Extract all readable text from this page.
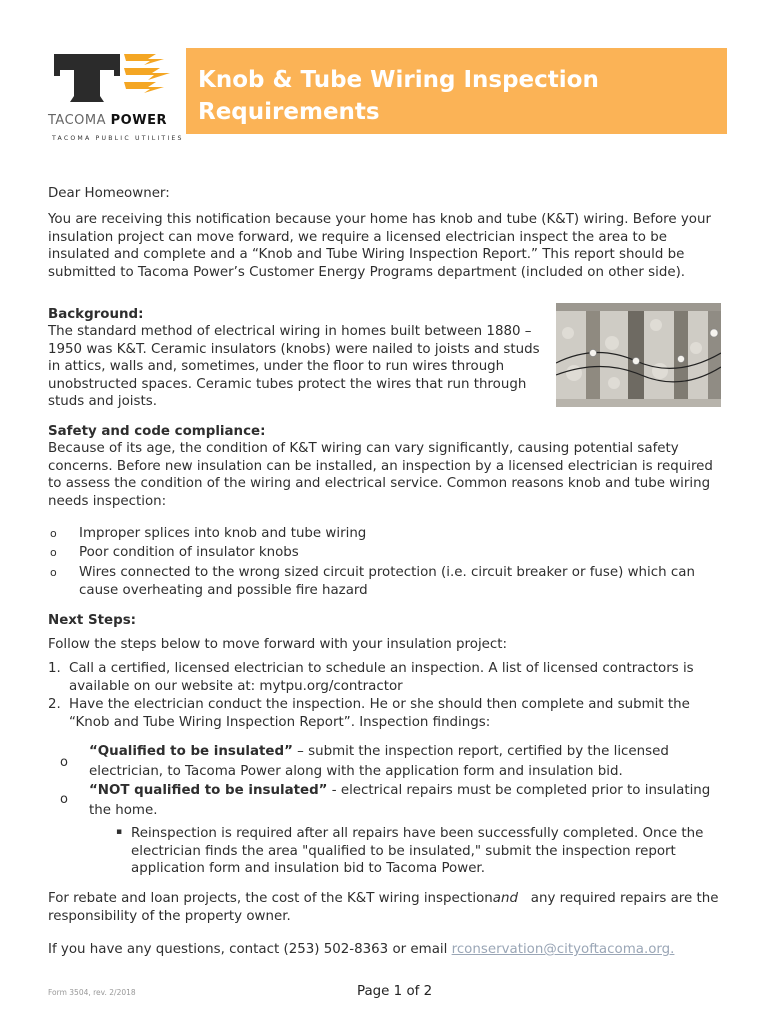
TACOMA POWER
TACOMA PUBLIC UTILITIES
Knob & Tube Wiring Inspection Requirements

Dear Homeowner:

You are receiving this notification because your home has knob and tube (K&T) wiring. Before your insulation project can move forward, we require a licensed electrician inspect the area to be insulated and complete and a “Knob and Tube Wiring Inspection Report.” This report should be submitted to Tacoma Power’s Customer Energy Programs department (included on other side).

Background:

The standard method of electrical wiring in homes built between 1880 – 1950 was K&T. Ceramic insulators (knobs) were nailed to joists and studs in attics, walls and, sometimes, under the floor to run wires through unobstructed spaces. Ceramic tubes protect the wires that run through studs and joists.

Safety and code compliance:

Because of its age, the condition of K&T wiring can vary significantly, causing potential safety concerns. Before new insulation can be installed, an inspection by a licensed electrician is required to assess the condition of the wiring and electrical service. Common reasons knob and tube wiring needs inspection:

o Improper splices into knob and tube wiring
o Poor condition of insulator knobs
o Wires connected to the wrong sized circuit protection (i.e. circuit breaker or fuse) which can cause overheating and possible fire hazard

Next Steps:

Follow the steps below to move forward with your insulation project:

1. Call a certified, licensed electrician to schedule an inspection. A list of licensed contractors is available on our website at: mytpu.org/contractor
2. Have the electrician conduct the inspection. He or she should then complete and submit the “Knob and Tube Wiring Inspection Report”. Inspection findings:
o
“Qualified to be insulated” – submit the inspection report, certified by the licensed electrician, to Tacoma Power along with the application form and insulation bid.
o
“NOT qualified to be insulated” - electrical repairs must be completed prior to insulating the home.
▪ Reinspection is required after all repairs have been successfully completed. Once the electrician finds the area "qualified to be insulated," submit the inspection report application form and insulation bid to Tacoma Power.

For rebate and loan projects, the cost of the K&T wiring inspectionand any required repairs are the responsibility of the property owner.

If you have any questions, contact (253) 502-8363 or email rconservation@cityoftacoma.org.

Form 3504, rev. 2/2018	Page 1 of 2
